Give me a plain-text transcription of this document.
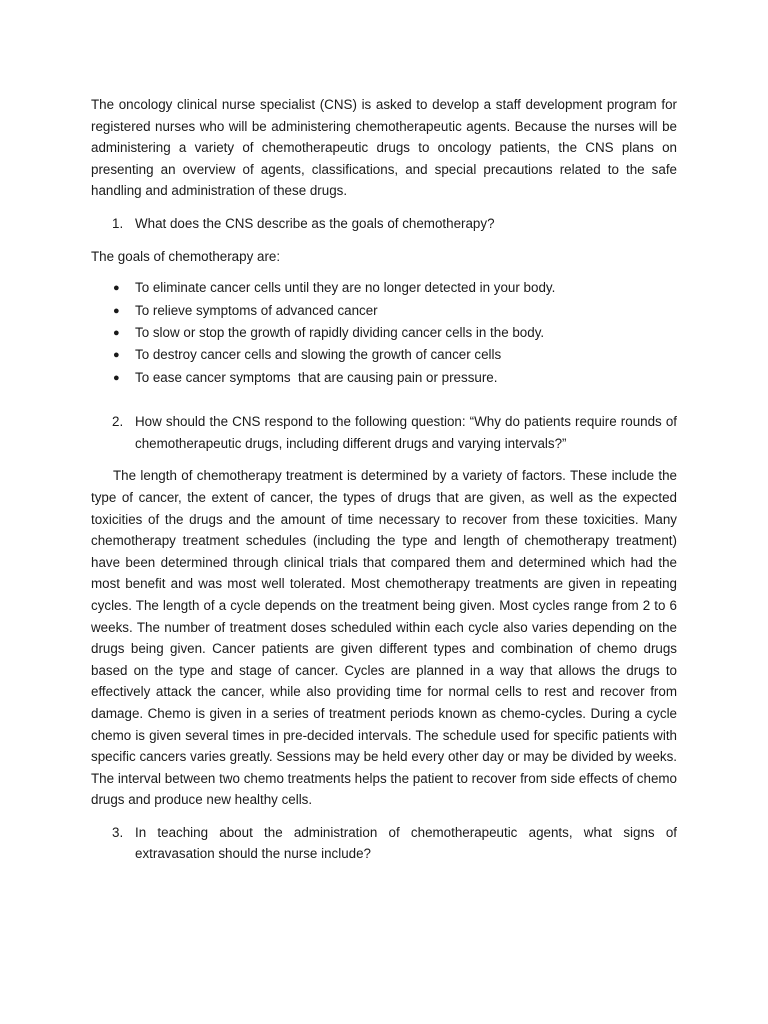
The oncology clinical nurse specialist (CNS) is asked to develop a staff development program for registered nurses who will be administering chemotherapeutic agents. Because the nurses will be administering a variety of chemotherapeutic drugs to oncology patients, the CNS plans on presenting an overview of agents, classifications, and special precautions related to the safe handling and administration of these drugs.

1. What does the CNS describe as the goals of chemotherapy?

The goals of chemotherapy are:

●	To eliminate cancer cells until they are no longer detected in your body.
●	To relieve symptoms of advanced cancer
●	To slow or stop the growth of rapidly dividing cancer cells in the body.
●	To destroy cancer cells and slowing the growth of cancer cells
●	To ease cancer symptoms  that are causing pain or pressure.
2. How should the CNS respond to the following question: “Why do patients require rounds of chemotherapeutic drugs, including different drugs and varying intervals?”

The length of chemotherapy treatment is determined by a variety of factors. These include the type of cancer, the extent of cancer, the types of drugs that are given, as well as the expected toxicities of the drugs and the amount of time necessary to recover from these toxicities. Many chemotherapy treatment schedules (including the type and length of chemotherapy treatment) have been determined through clinical trials that compared them and determined which had the most benefit and was most well tolerated. Most chemotherapy treatments are given in repeating cycles. The length of a cycle depends on the treatment being given. Most cycles range from 2 to 6 weeks. The number of treatment doses scheduled within each cycle also varies depending on the drugs being given. Cancer patients are given different types and combination of chemo drugs based on the type and stage of cancer. Cycles are planned in a way that allows the drugs to effectively attack the cancer, while also providing time for normal cells to rest and recover from damage. Chemo is given in a series of treatment periods known as chemo-cycles. During a cycle chemo is given several times in pre-decided intervals. The schedule used for specific patients with specific cancers varies greatly. Sessions may be held every other day or may be divided by weeks. The interval between two chemo treatments helps the patient to recover from side effects of chemo drugs and produce new healthy cells.

3. In teaching about the administration of chemotherapeutic agents, what signs of extravasation should the nurse include?
